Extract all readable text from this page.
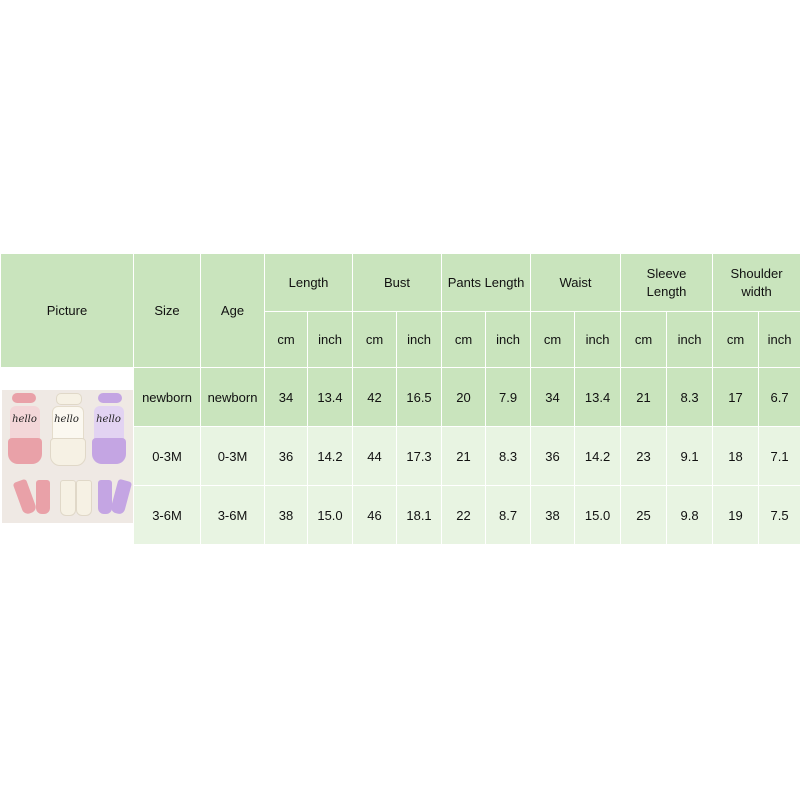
Picture	Size	Age	Length		Bust		Pants Length		Waist		Sleeve Length		Shoulder width	
			cm	inch	cm	inch	cm	inch	cm	inch	cm	inch	cm	inch

hello hello hello	newborn	newborn	34	13.4	42	16.5	20	7.9	34	13.4	21	8.3	17	6.7
	0-3M	0-3M	36	14.2	44	17.3	21	8.3	36	14.2	23	9.1	18	7.1
	3-6M	3-6M	38	15.0	46	18.1	22	8.7	38	15.0	25	9.8	19	7.5
